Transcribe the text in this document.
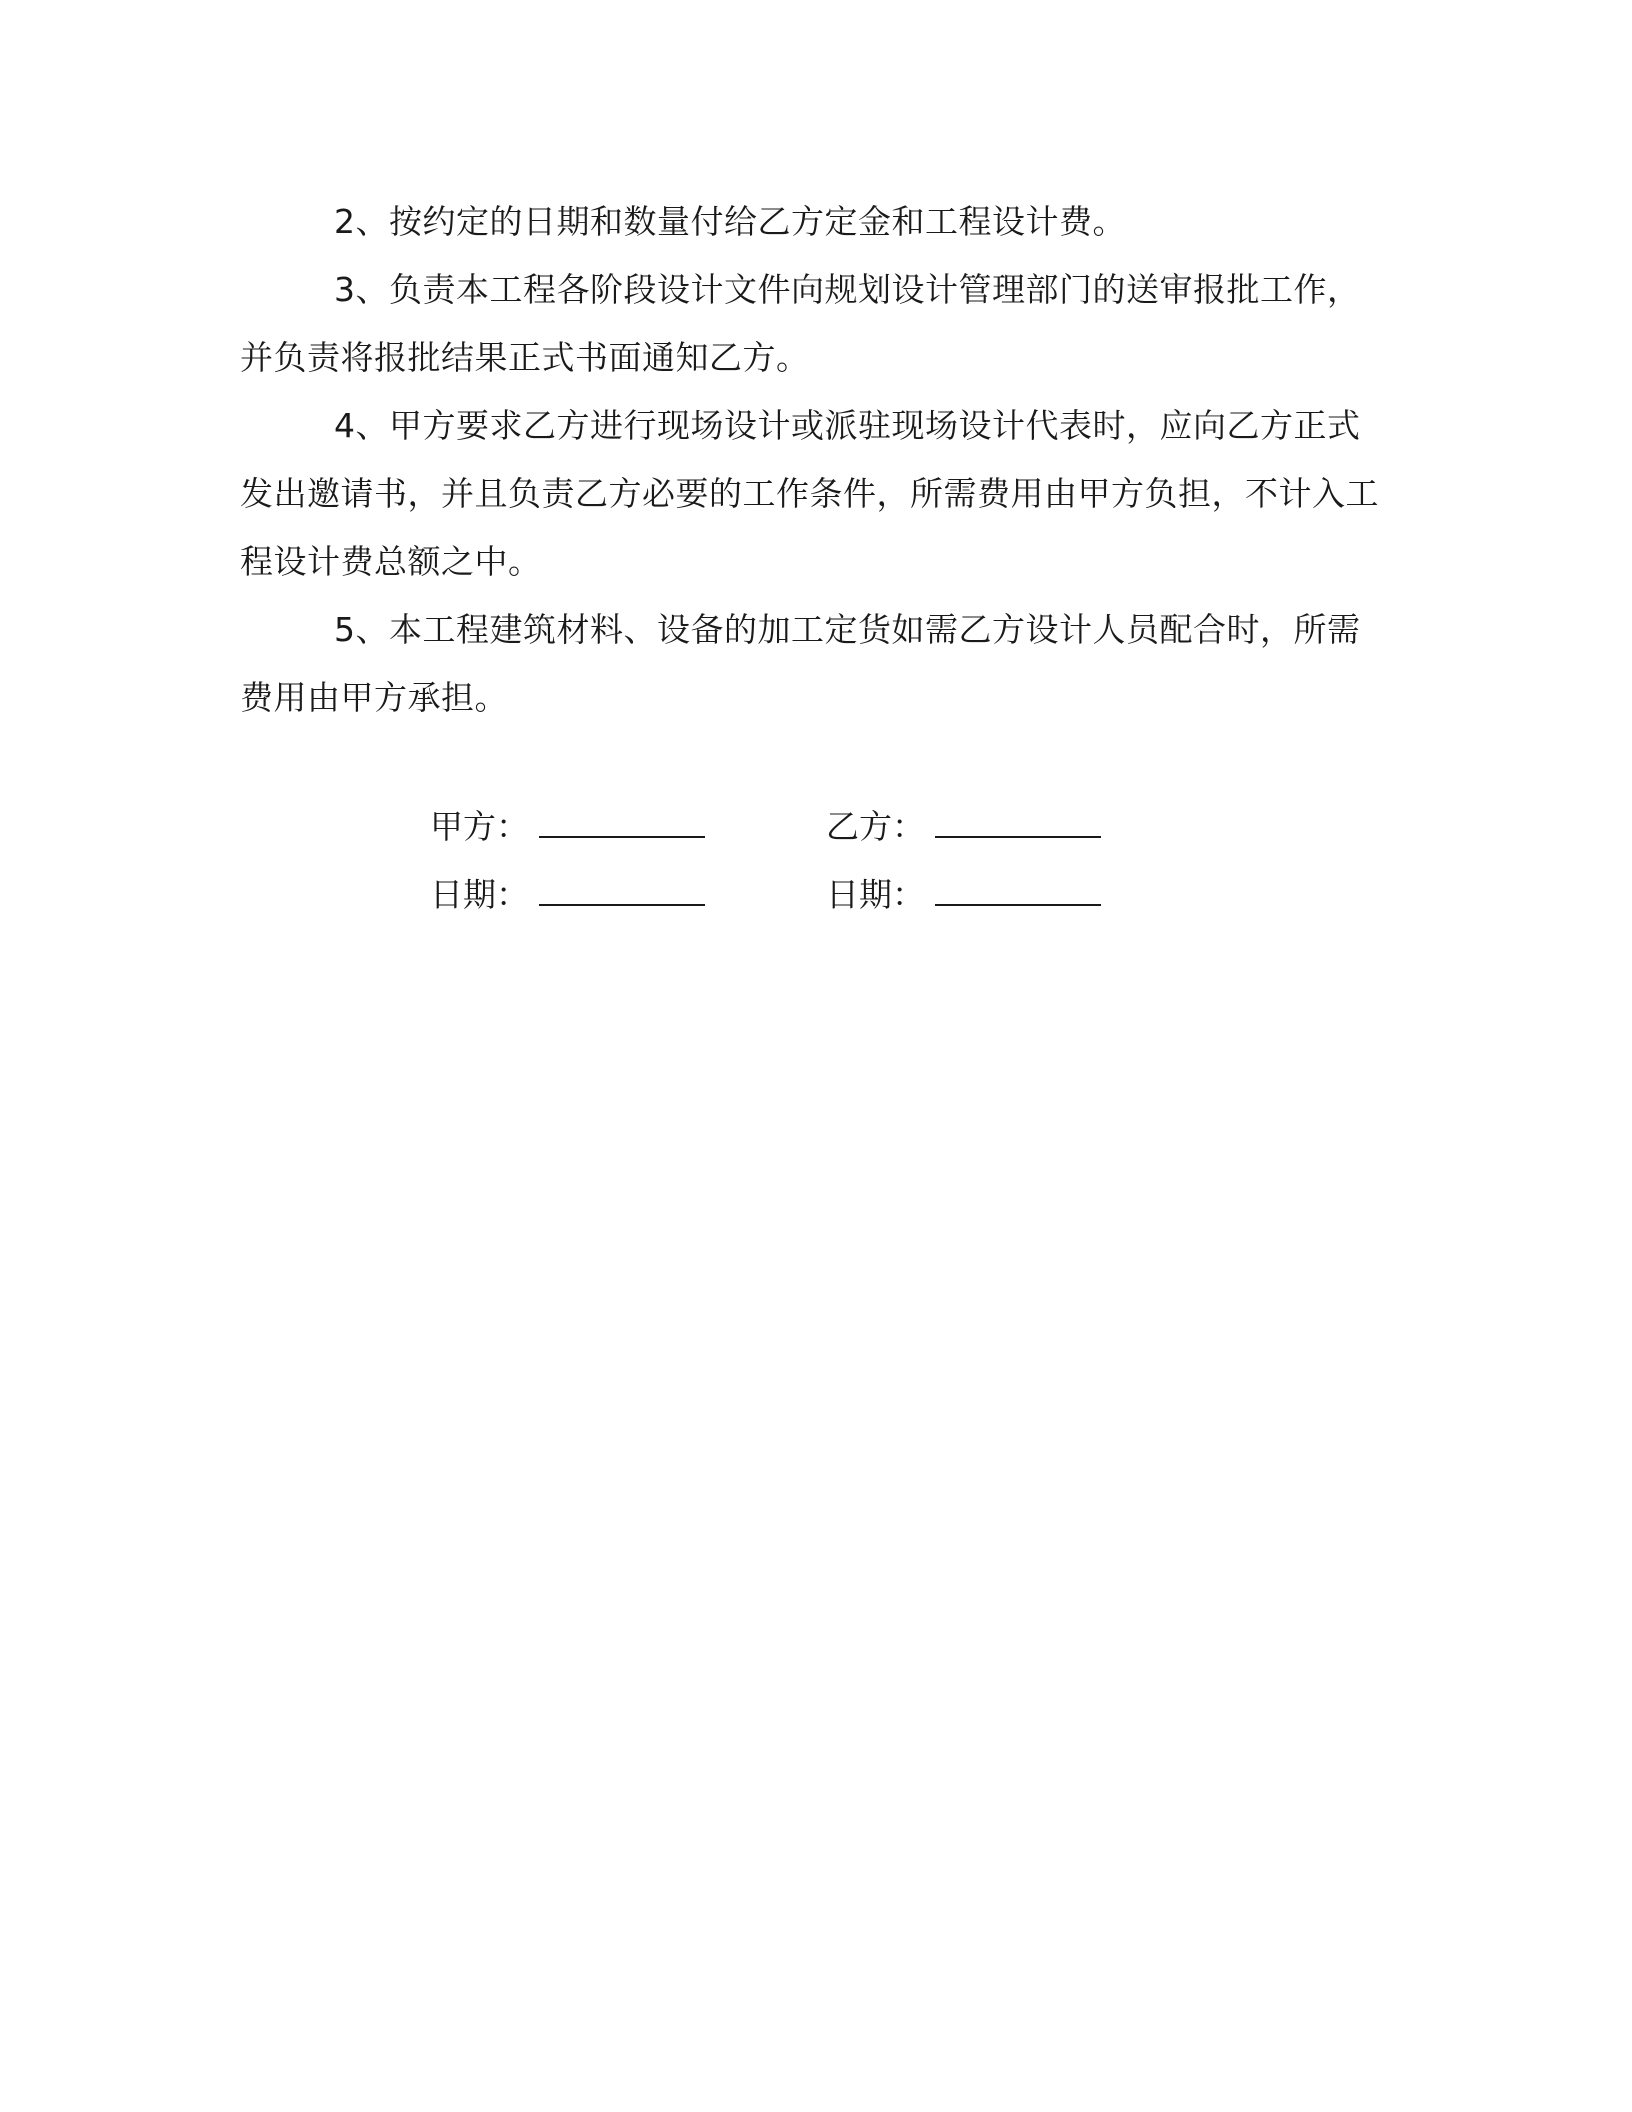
2、按约定的日期和数量付给乙方定金和工程设计费。

3、负责本工程各阶段设计文件向规划设计管理部门的送审报批工作，并负责将报批结果正式书面通知乙方。

4、甲方要求乙方进行现场设计或派驻现场设计代表时，应向乙方正式发出邀请书，并且负责乙方必要的工作条件，所需费用由甲方负担，不计入工程设计费总额之中。

5、本工程建筑材料、设备的加工定货如需乙方设计人员配合时，所需费用由甲方承担。

甲方：	乙方：
日期：	日期：
